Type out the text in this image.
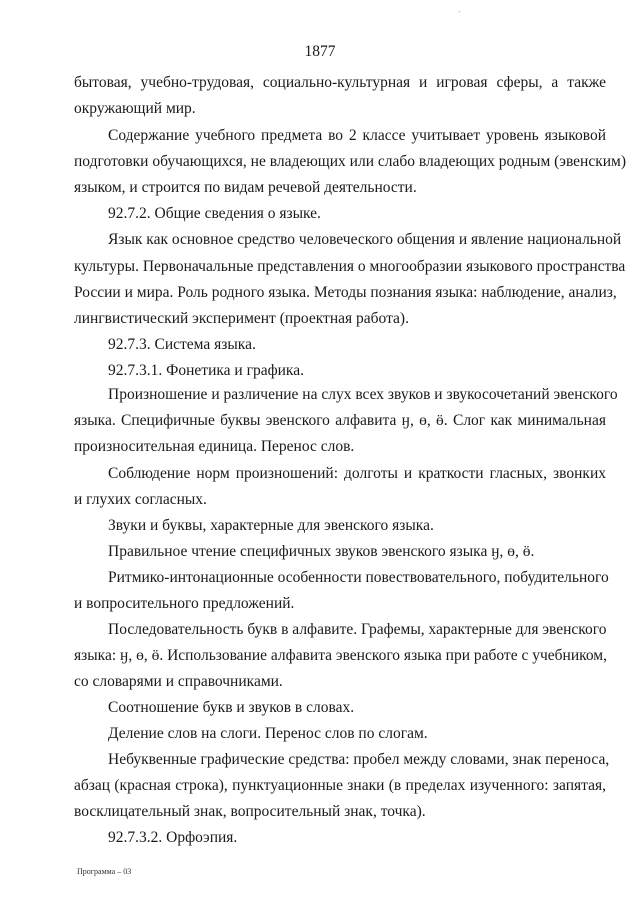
´
1877
бытовая, учебно-трудовая, социально-культурная и игровая сферы, а также
окружающий мир.
Содержание учебного предмета во 2 классе учитывает уровень языковой
подготовки обучающихся, не владеющих или слабо владеющих родным (эвенским)
языком, и строится по видам речевой деятельности.
92.7.2. Общие сведения о языке.
Язык как основное средство человеческого общения и явление национальной
культуры. Первоначальные представления о многообразии языкового пространства
России и мира. Роль родного языка. Методы познания языка: наблюдение, анализ,
лингвистический эксперимент (проектная работа).
92.7.3. Система языка.
92.7.3.1. Фонетика и графика.
Произношение и различение на слух всех звуков и звукосочетаний эвенского
языка. Специфичные буквы эвенского алфавита ӈ, ө, ӫ. Слог как минимальная
произносительная единица. Перенос слов.
Соблюдение норм произношений: долготы и краткости гласных, звонких
и глухих согласных.
Звуки и буквы, характерные для эвенского языка.
Правильное чтение специфичных звуков эвенского языка ӈ, ө, ӫ.
Ритмико-интонационные особенности повествовательного, побудительного
и вопросительного предложений.
Последовательность букв в алфавите. Графемы, характерные для эвенского
языка: ӈ, ө, ӫ. Использование алфавита эвенского языка при работе с учебником,
со словарями и справочниками.
Соотношение букв и звуков в словах.
Деление слов на слоги. Перенос слов по слогам.
Небуквенные графические средства: пробел между словами, знак переноса,
абзац (красная строка), пунктуационные знаки (в пределах изученного: запятая,
восклицательный знак, вопросительный знак, точка).
92.7.3.2. Орфоэпия.
Программа – 03
